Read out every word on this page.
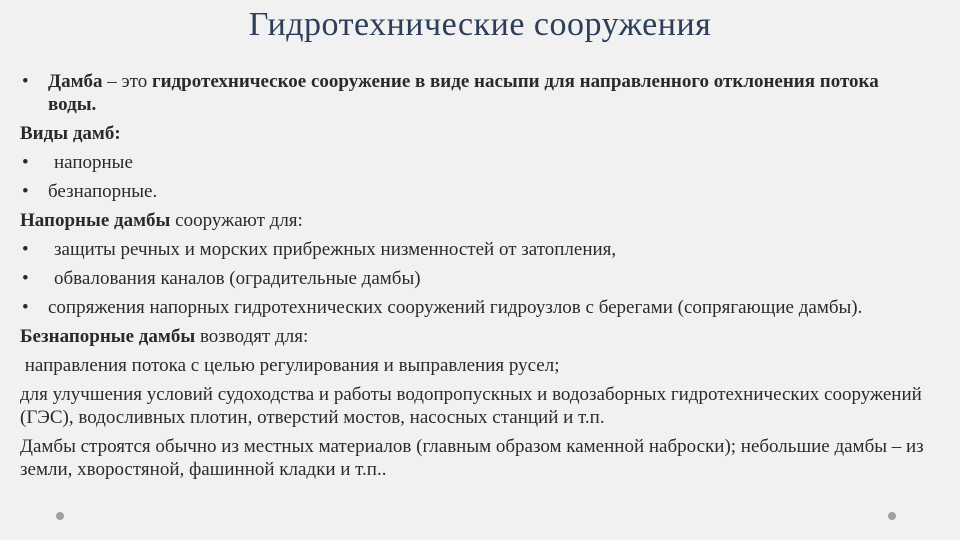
Гидротехнические сооружения
• Дамба – это гидротехническое сооружение в виде насыпи для направленного отклонения потока воды.
Виды дамб:
• напорные
• безнапорные.
Напорные дамбы сооружают для:
• защиты речных и морских прибрежных низменностей от затопления,
• обвалования каналов (оградительные дамбы)
• сопряжения напорных гидротехнических сооружений гидроузлов с берегами (сопрягающие дамбы).
Безнапорные дамбы возводят для:
направления потока с целью регулирования и выправления русел;
для улучшения условий судоходства и работы водопропускных и водозаборных гидротехнических сооружений (ГЭС), водосливных плотин, отверстий мостов, насосных станций и т.п.
Дамбы строятся обычно из местных материалов (главным образом каменной наброски); небольшие дамбы – из земли, хворостяной, фашинной кладки и т.п..
